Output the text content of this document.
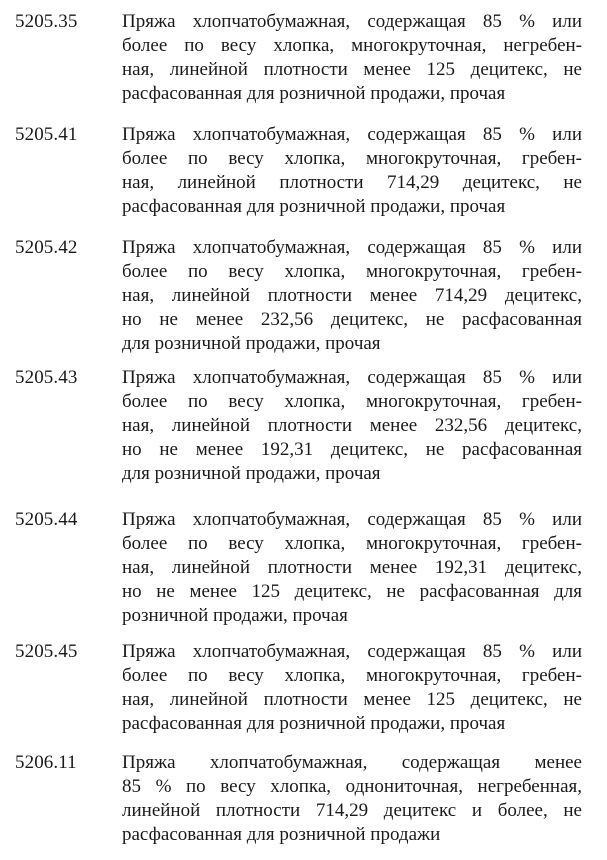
5205.35 Пряжа хлопчатобумажная, содержащая 85 % или
более по весу хлопка, многокруточная, негребен-
ная, линейной плотности менее 125 децитекс, не
расфасованная для розничной продажи, прочая
5205.41 Пряжа хлопчатобумажная, содержащая 85 % или
более по весу хлопка, многокруточная, гребен-
ная, линейной плотности 714,29 децитекс, не
расфасованная для розничной продажи, прочая
5205.42 Пряжа хлопчатобумажная, содержащая 85 % или
более по весу хлопка, многокруточная, гребен-
ная, линейной плотности менее 714,29 децитекс,
но не менее 232,56 децитекс, не расфасованная
для розничной продажи, прочая
5205.43 Пряжа хлопчатобумажная, содержащая 85 % или
более по весу хлопка, многокруточная, гребен-
ная, линейной плотности менее 232,56 децитекс,
но не менее 192,31 децитекс, не расфасованная
для розничной продажи, прочая
5205.44 Пряжа хлопчатобумажная, содержащая 85 % или
более по весу хлопка, многокруточная, гребен-
ная, линейной плотности менее 192,31 децитекс,
но не менее 125 децитекс, не расфасованная для
розничной продажи, прочая
5205.45 Пряжа хлопчатобумажная, содержащая 85 % или
более по весу хлопка, многокруточная, гребен-
ная, линейной плотности менее 125 децитекс, не
расфасованная для розничной продажи, прочая
5206.11 Пряжа хлопчатобумажная, содержащая менее
85 % по весу хлопка, однониточная, негребенная,
линейной плотности 714,29 децитекс и более, не
расфасованная для розничной продажи
